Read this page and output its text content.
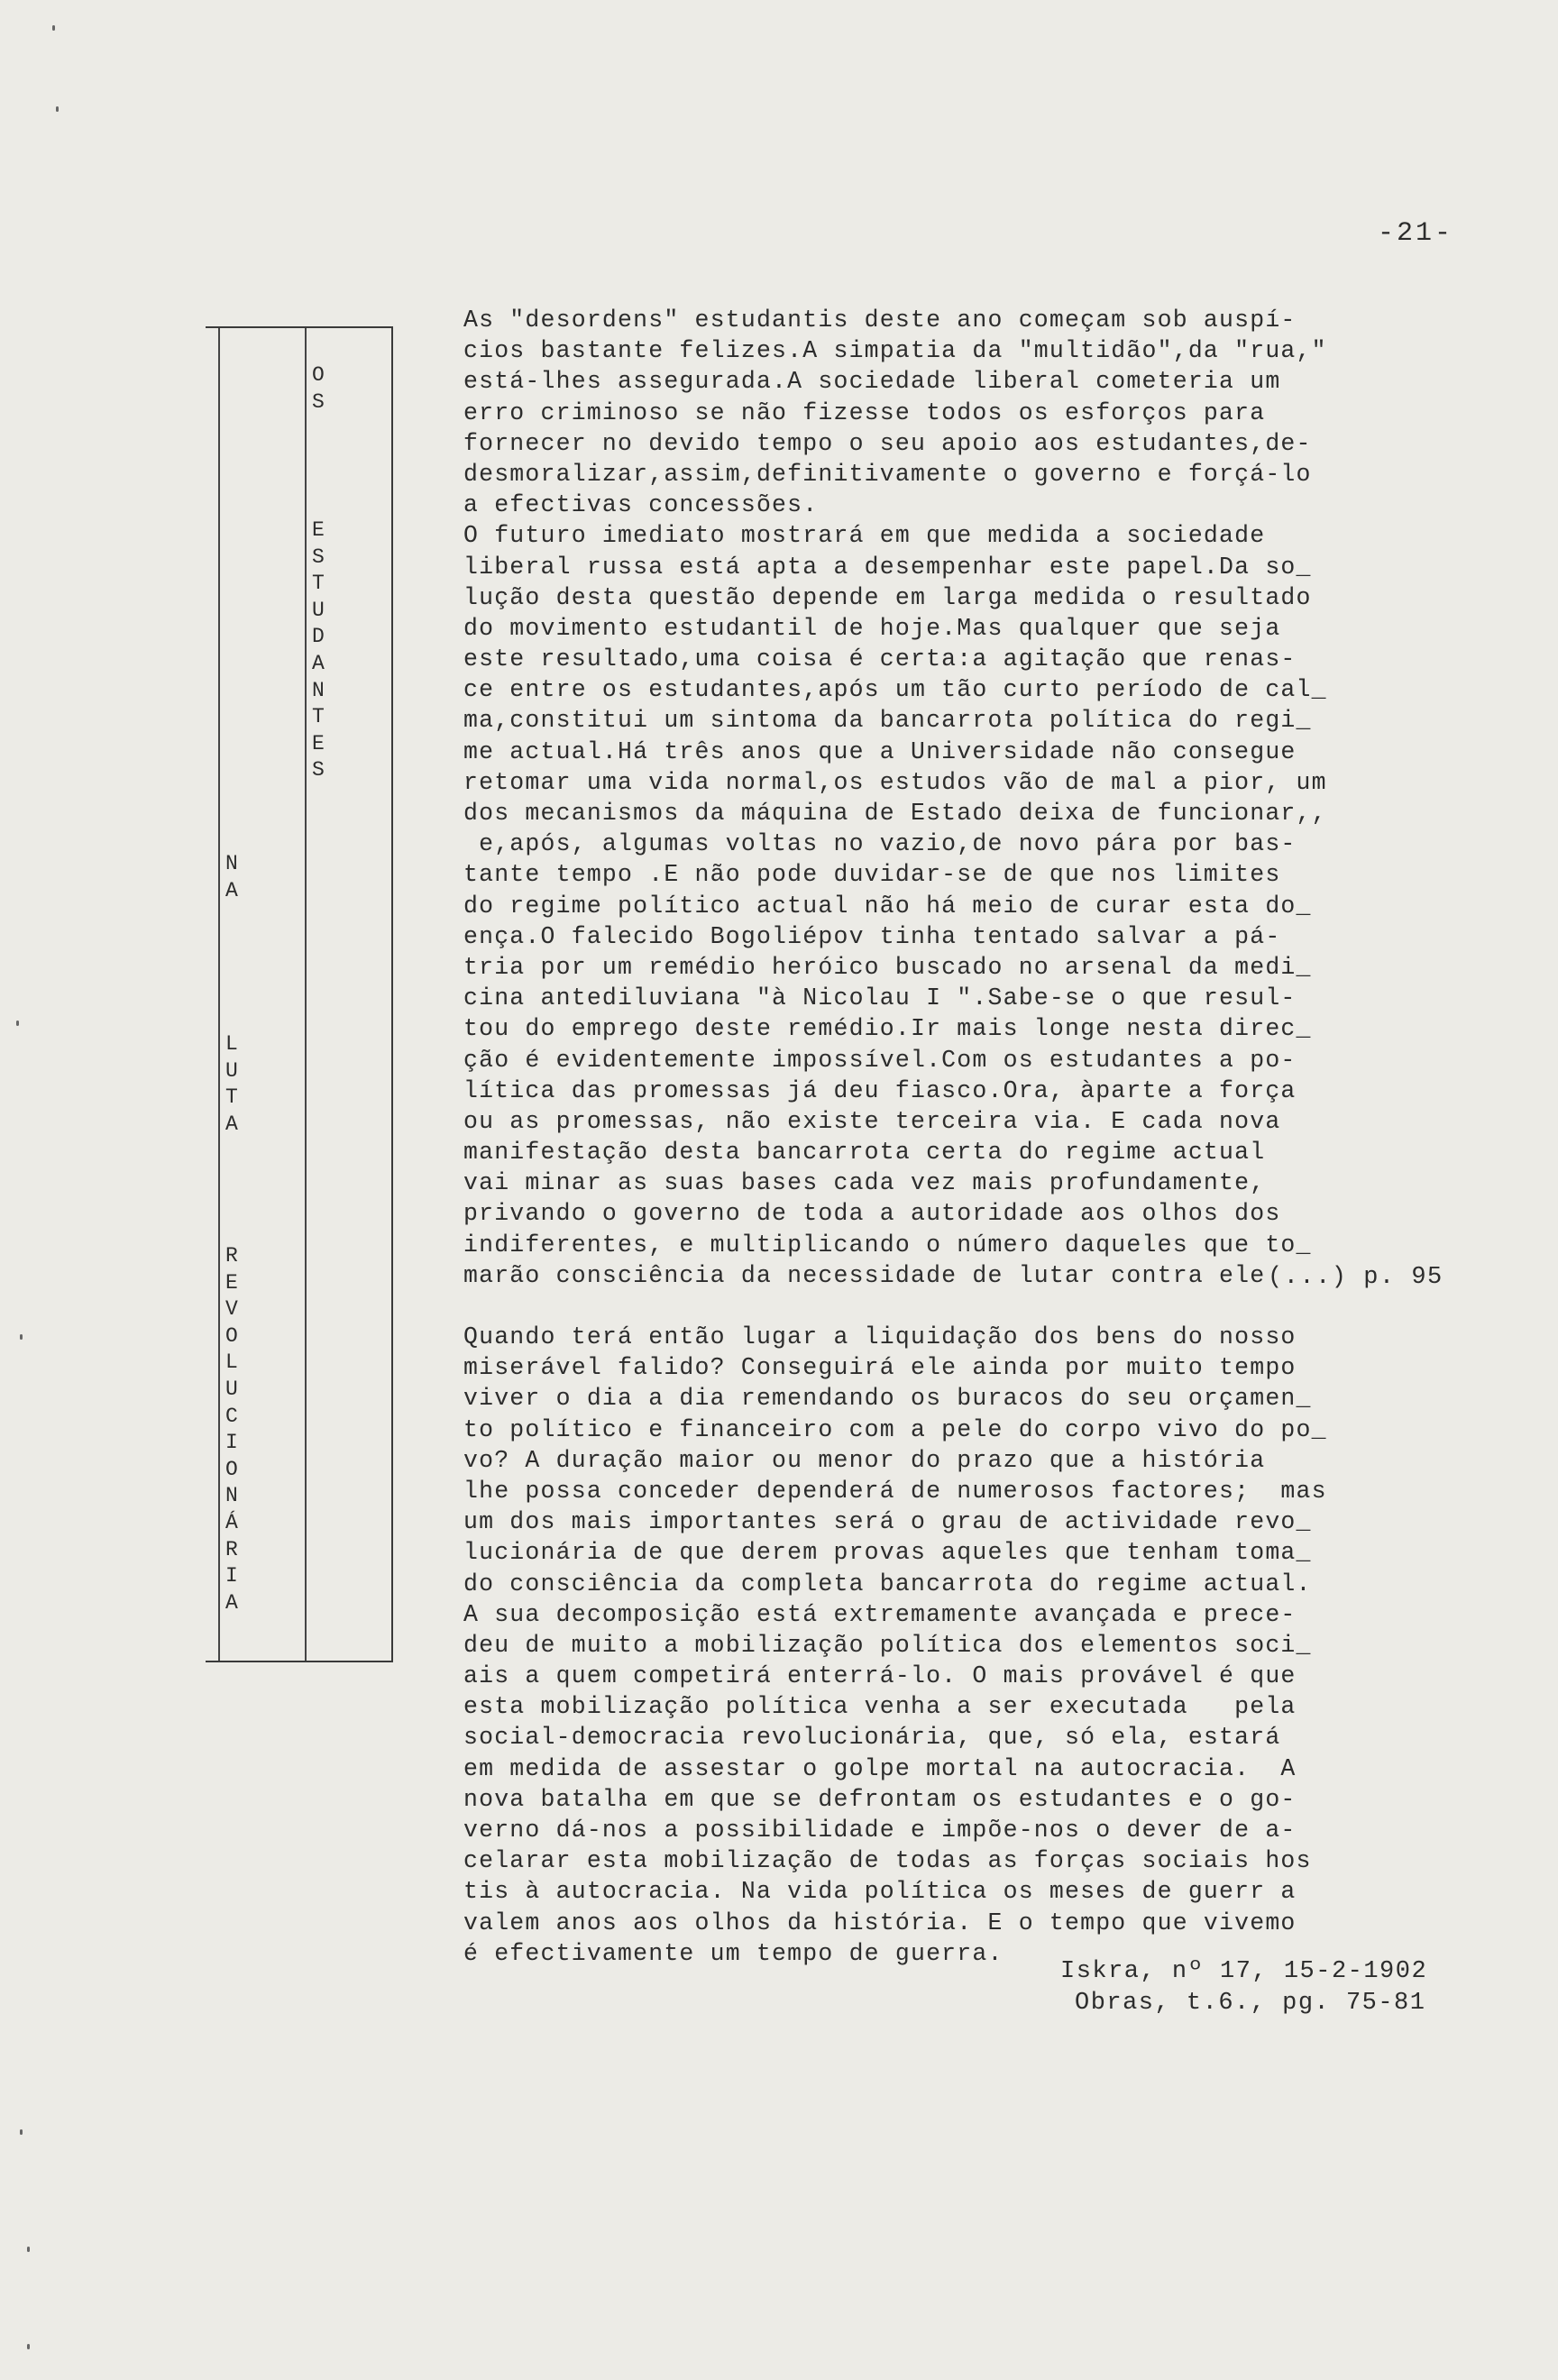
-21-
O
S
E
S
T
U
D
A
N
T
E
S
N
A
L
U
T
A
R
E
V
O
L
U
C
I
O
N
Á
R
I
A
As "desordens" estudantis deste ano começam sob auspí-
cios bastante felizes.A simpatia da "multidão",da "rua,"
está-lhes assegurada.A sociedade liberal cometeria um
erro criminoso se não fizesse todos os esforços para
fornecer no devido tempo o seu apoio aos estudantes,de-
desmoralizar,assim,definitivamente o governo e forçá-lo
a efectivas concessões.
O futuro imediato mostrará em que medida a sociedade
liberal russa está apta a desempenhar este papel.Da so_
lução desta questão depende em larga medida o resultado
do movimento estudantil de hoje.Mas qualquer que seja
este resultado,uma coisa é certa:a agitação que renas-
ce entre os estudantes,após um tão curto período de cal_
ma,constitui um sintoma da bancarrota política do regi_
me actual.Há três anos que a Universidade não consegue
retomar uma vida normal,os estudos vão de mal a pior, um
dos mecanismos da máquina de Estado deixa de funcionar,,
e,após, algumas voltas no vazio,de novo pára por bas-
tante tempo .E não pode duvidar-se de que nos limites
do regime político actual não há meio de curar esta do_
ença.O falecido Bogoliépov tinha tentado salvar a pá-
tria por um remédio heróico buscado no arsenal da medi_
cina antediluviana "à Nicolau I ".Sabe-se o que resul-
tou do emprego deste remédio.Ir mais longe nesta direc_
ção é evidentemente impossível.Com os estudantes a po-
lítica das promessas já deu fiasco.Ora, àparte a força
ou as promessas, não existe terceira via. E cada nova
manifestação desta bancarrota certa do regime actual
vai minar as suas bases cada vez mais profundamente,
privando o governo de toda a autoridade aos olhos dos
indiferentes, e multiplicando o número daqueles que to_
marão consciência da necessidade de lutar contra ele (...) p. 95
Quando terá então lugar a liquidação dos bens do nosso
miserável falido? Conseguirá ele ainda por muito tempo
viver o dia a dia remendando os buracos do seu orçamen_
to político e financeiro com a pele do corpo vivo do po_
vo? A duração maior ou menor do prazo que a história
lhe possa conceder dependerá de numerosos factores;  mas
um dos mais importantes será o grau de actividade revo_
lucionária de que derem provas aqueles que tenham toma_
do consciência da completa bancarrota do regime actual.
A sua decomposição está extremamente avançada e prece-
deu de muito a mobilização política dos elementos soci_
ais a quem competirá enterrá-lo. O mais provável é que
esta mobilização política venha a ser executada   pela
social-democracia revolucionária, que, só ela, estará
em medida de assestar o golpe mortal na autocracia.  A
nova batalha em que se defrontam os estudantes e o go-
verno dá-nos a possibilidade e impõe-nos o dever de a-
celarar esta mobilização de todas as forças sociais hos
tis à autocracia. Na vida política os meses de guerr a
valem anos aos olhos da história. E o tempo que vivemo
é efectivamente um tempo de guerra.
Iskra, nº 17, 15-2-1902
Obras, t.6., pg. 75-81
